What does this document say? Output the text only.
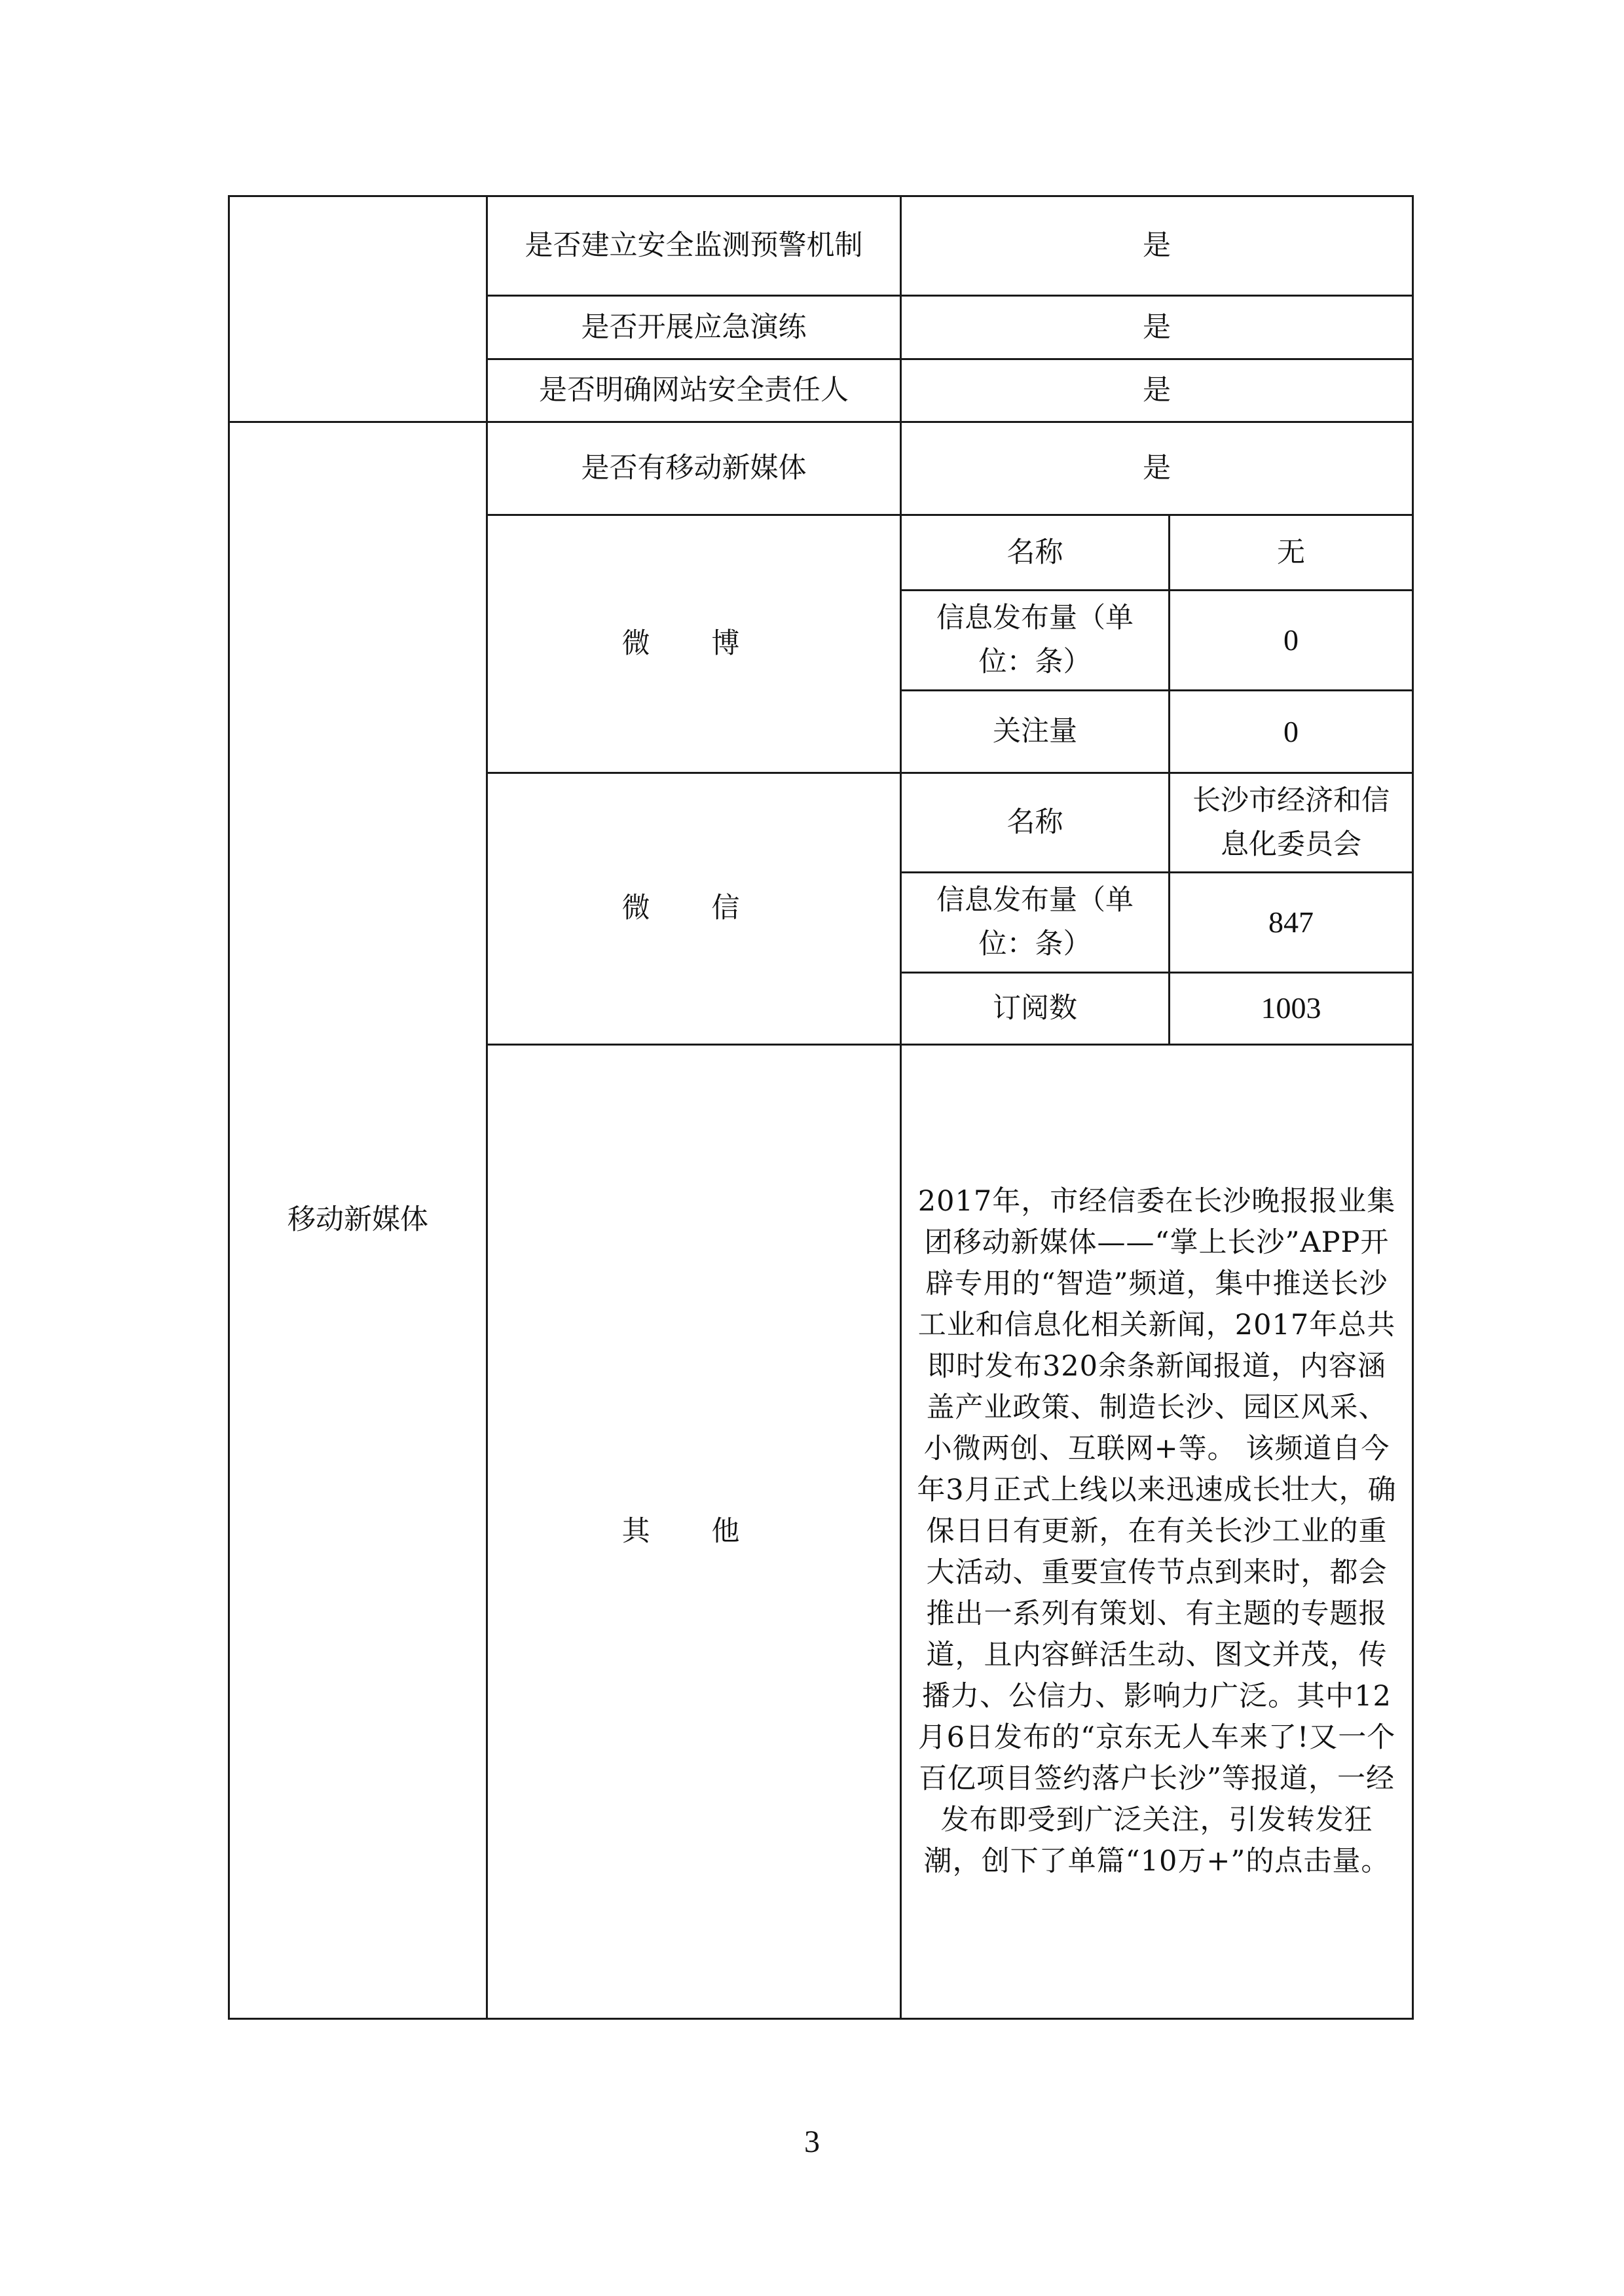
	是否建立安全监测预警机制	是	
	是否开展应急演练	是	
	是否明确网站安全责任人	是	
移动新媒体	是否有移动新媒体	是	
	微 博	名称	无
		信息发布量（单位：条）	0
		关注量	0
	微 信	名称	长沙市经济和信息化委员会
		信息发布量（单位：条）	847
		订阅数	1003
	其 他	2017年，市经信委在长沙晚报报业集团移动新媒体——“掌上长沙”APP开辟专用的“智造”频道，集中推送长沙工业和信息化相关新闻，2017年总共即时发布320余条新闻报道，内容涵盖产业政策、制造长沙、园区风采、小微两创、互联网+等。 该频道自今年3月正式上线以来迅速成长壮大，确保日日有更新，在有关长沙工业的重大活动、重要宣传节点到来时，都会推出一系列有策划、有主题的专题报道，且内容鲜活生动、图文并茂，传播力、公信力、影响力广泛。其中12月6日发布的“京东无人车来了!又一个百亿项目签约落户长沙”等报道，一经发布即受到广泛关注，引发转发狂潮，创下了单篇“10万+”的点击量。	
3
